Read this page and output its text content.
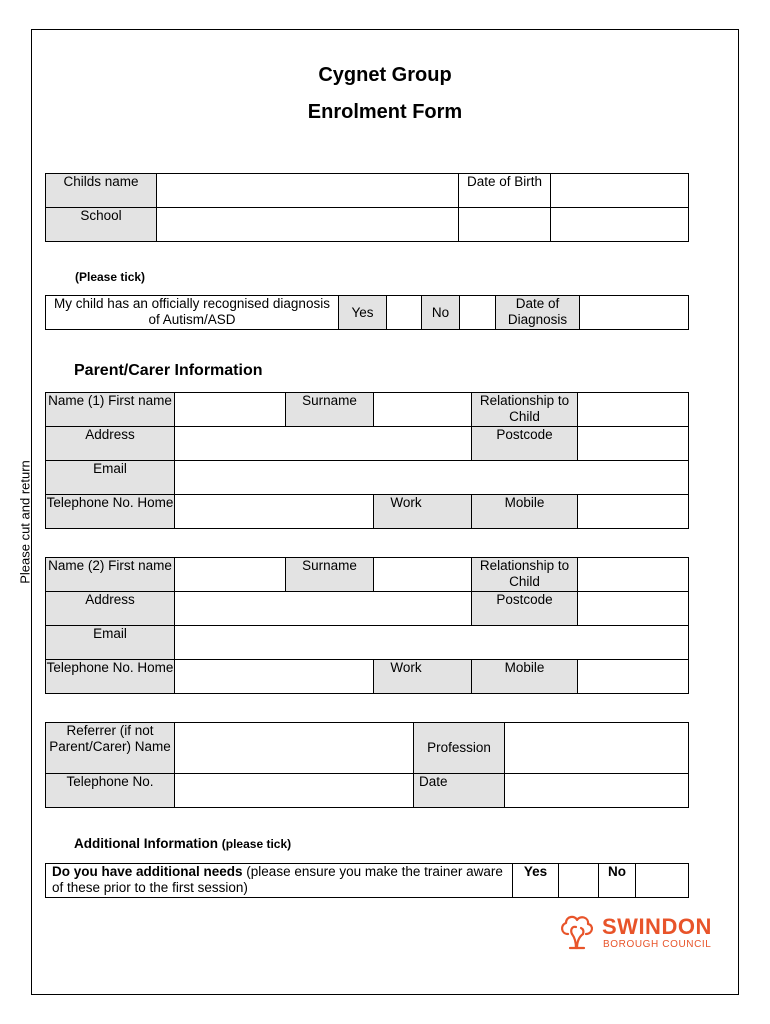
Cygnet Group
Enrolment Form
Please cut and return
Childs name		Date of Birth	
School			
(Please tick)
My child has an officially recognised diagnosis of Autism/ASD	Yes		No		Date of Diagnosis	
Parent/Carer Information
Name (1) First name		Surname		Relationship to Child	
Address				Postcode	
Email					
Telephone No. Home			Work	Mobile	
Name (2) First name		Surname		Relationship to Child	
Address				Postcode	
Email					
Telephone No. Home			Work	Mobile	
Referrer (if not Parent/Carer) Name		Profession	
Telephone No.		Date	
Additional Information (please tick)
Do you have additional needs (please ensure you make the trainer aware of these prior to the first session)	Yes		No	
SWINDON
BOROUGH COUNCIL
